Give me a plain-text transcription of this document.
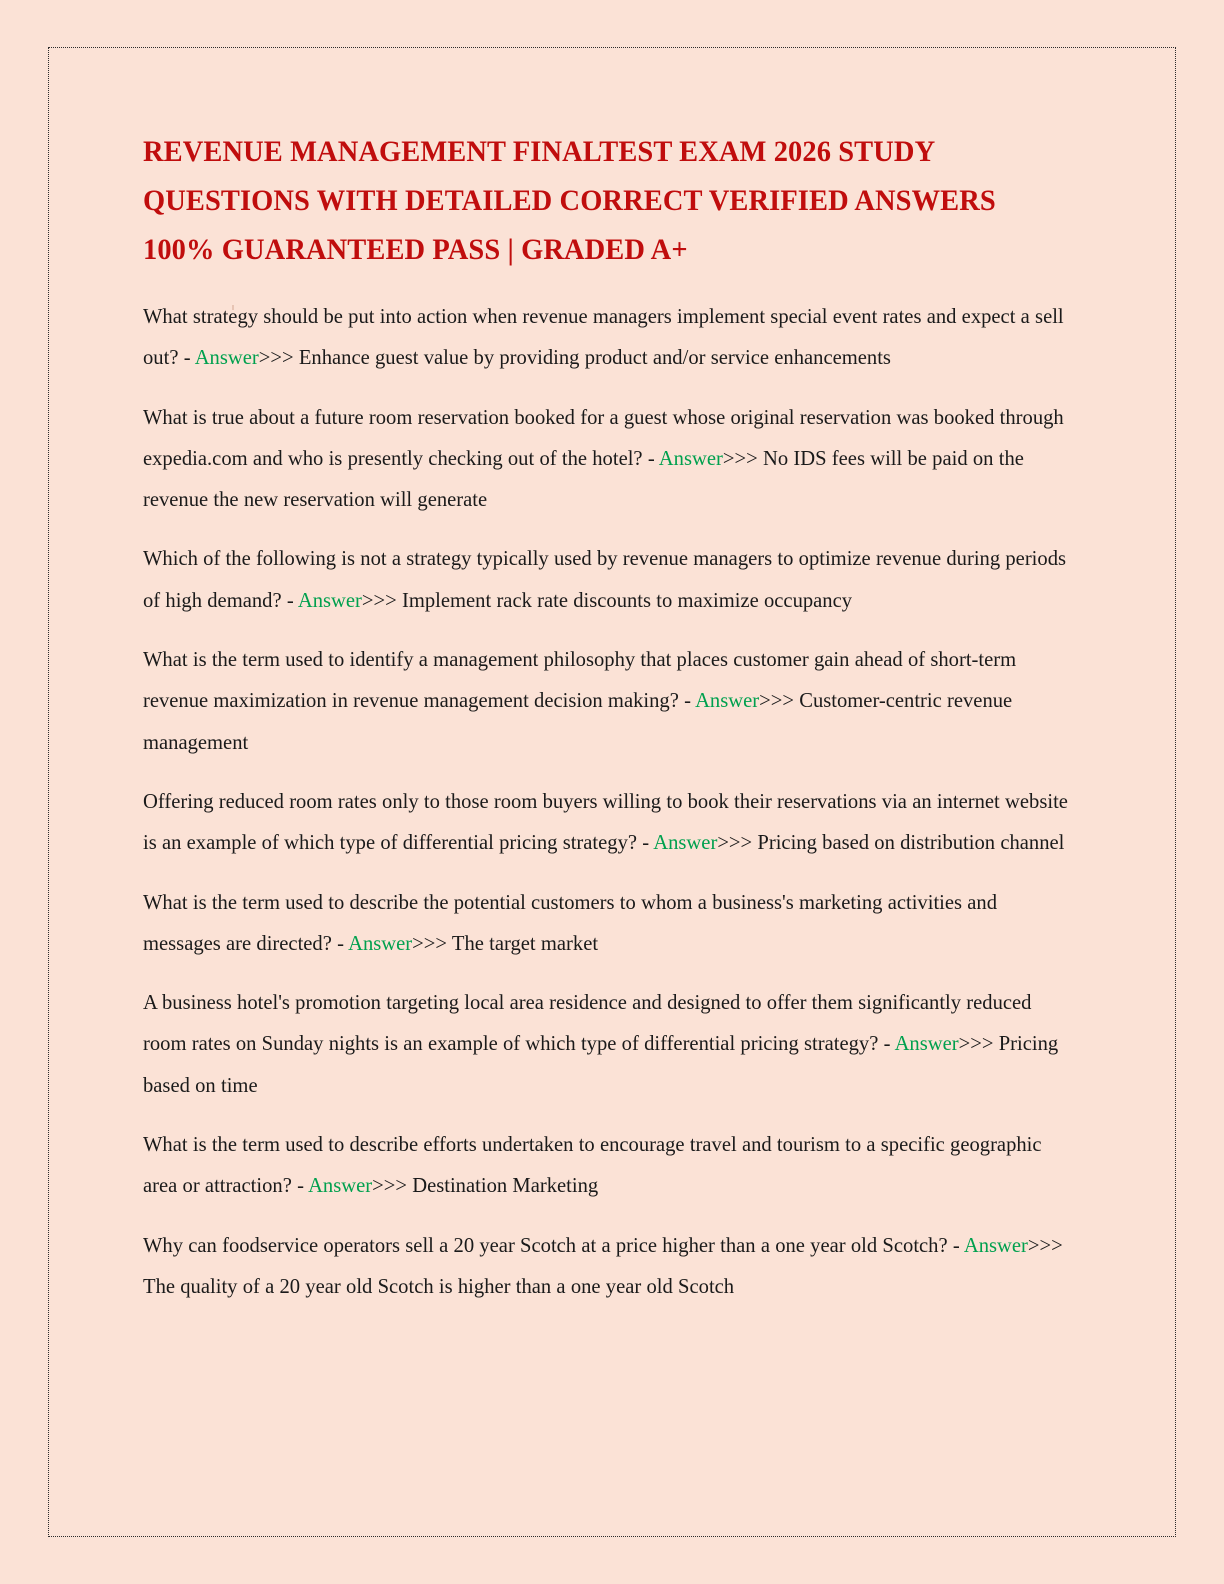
REVENUE MANAGEMENT FINALTEST EXAM 2026 STUDY QUESTIONS WITH DETAILED CORRECT VERIFIED ANSWERS 100% GUARANTEED PASS | GRADED A+

What strategy should be put into action when revenue managers implement special event rates and expect a sell out? - Answer>>> Enhance guest value by providing product and/or service enhancements

What is true about a future room reservation booked for a guest whose original reservation was booked through expedia.com and who is presently checking out of the hotel? - Answer>>> No IDS fees will be paid on the revenue the new reservation will generate

Which of the following is not a strategy typically used by revenue managers to optimize revenue during periods of high demand? - Answer>>> Implement rack rate discounts to maximize occupancy

What is the term used to identify a management philosophy that places customer gain ahead of short-term revenue maximization in revenue management decision making? - Answer>>> Customer-centric revenue management

Offering reduced room rates only to those room buyers willing to book their reservations via an internet website is an example of which type of differential pricing strategy? - Answer>>> Pricing based on distribution channel

What is the term used to describe the potential customers to whom a business's marketing activities and messages are directed? - Answer>>> The target market

A business hotel's promotion targeting local area residence and designed to offer them significantly reduced room rates on Sunday nights is an example of which type of differential pricing strategy? - Answer>>> Pricing based on time

What is the term used to describe efforts undertaken to encourage travel and tourism to a specific geographic area or attraction? - Answer>>> Destination Marketing

Why can foodservice operators sell a 20 year Scotch at a price higher than a one year old Scotch? - Answer>>> The quality of a 20 year old Scotch is higher than a one year old Scotch
